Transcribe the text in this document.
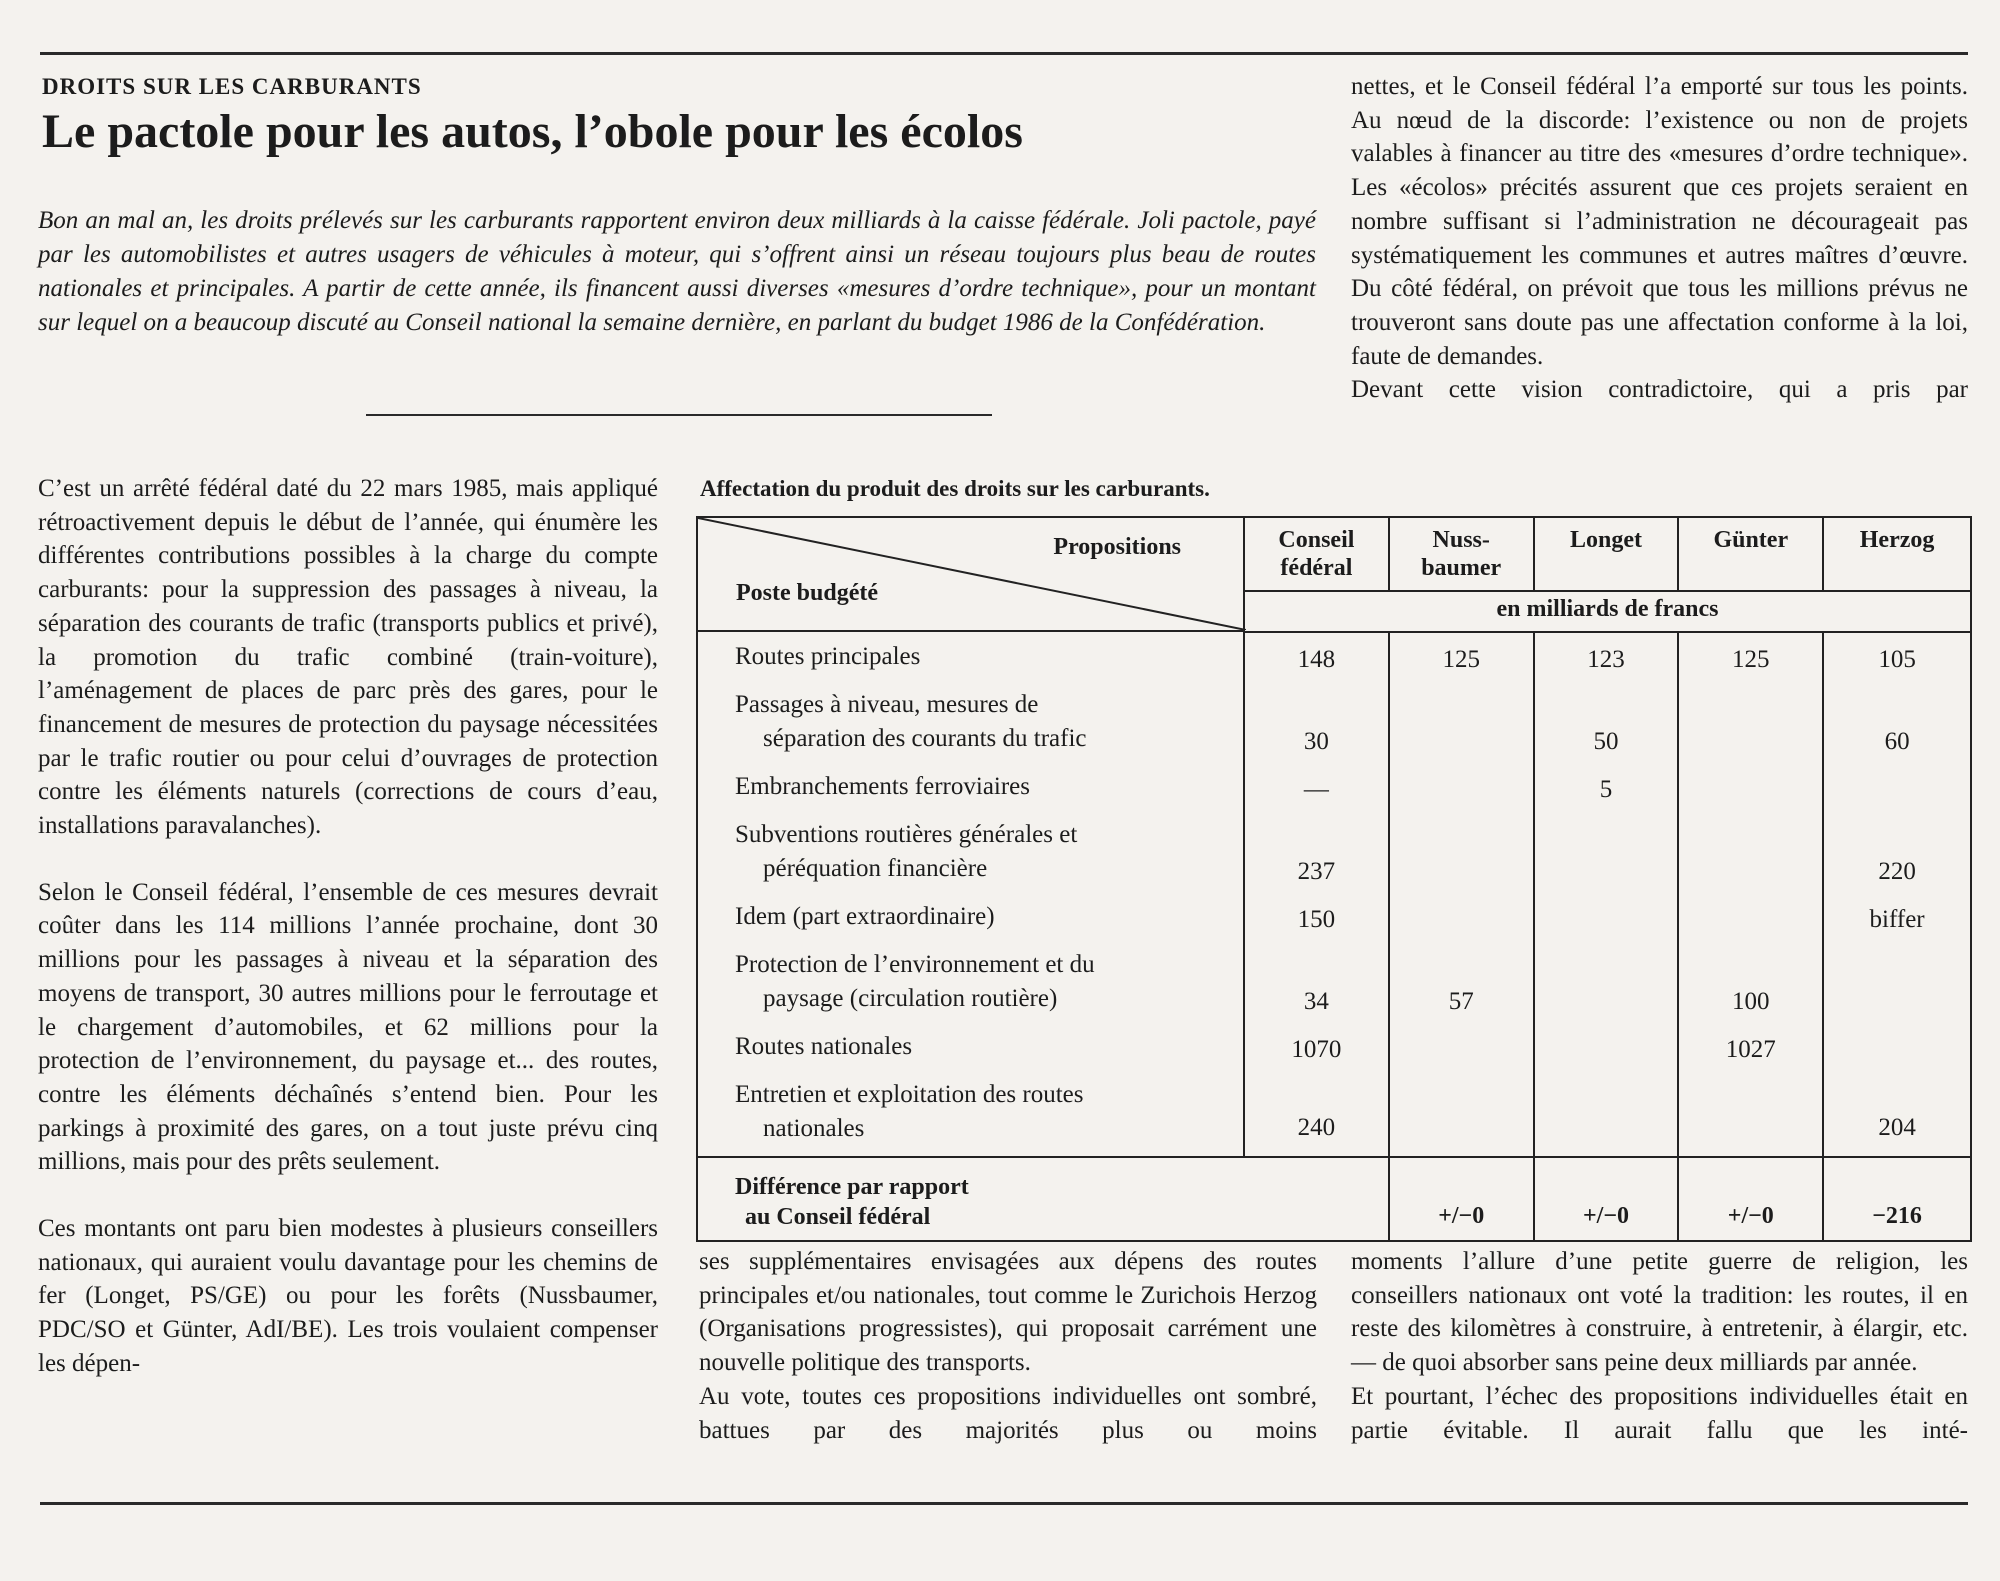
DROITS SUR LES CARBURANTS
Le pactole pour les autos, l’obole pour les écolos
Bon an mal an, les droits prélevés sur les carburants rapportent environ deux milliards à la caisse fédérale. Joli pactole, payé par les automobilistes et autres usagers de véhicules à moteur, qui s’offrent ainsi un réseau toujours plus beau de routes nationales et principales. A partir de cette année, ils financent aussi diverses «mesures d’ordre technique», pour un montant sur lequel on a beaucoup discuté au Conseil national la semaine dernière, en parlant du budget 1986 de la Confédération.

nettes, et le Conseil fédéral l’a emporté sur tous les points. Au nœud de la discorde: l’existence ou non de projets valables à financer au titre des «mesures d’ordre technique». Les «écolos» précités assurent que ces projets seraient en nombre suffisant si l’administration ne décourageait pas systématiquement les communes et autres maîtres d’œuvre. Du côté fédéral, on prévoit que tous les millions prévus ne trouveront sans doute pas une affectation conforme à la loi, faute de demandes.

Devant cette vision contradictoire, qui a pris par

C’est un arrêté fédéral daté du 22 mars 1985, mais appliqué rétroactivement depuis le début de l’année, qui énumère les différentes contributions possibles à la charge du compte carburants: pour la suppression des passages à niveau, la séparation des courants de trafic (transports publics et privé), la promotion du trafic combiné (train-voiture), l’aménagement de places de parc près des gares, pour le financement de mesures de protection du paysage nécessitées par le trafic routier ou pour celui d’ouvrages de protection contre les éléments naturels (corrections de cours d’eau, installations paravalanches).

Selon le Conseil fédéral, l’ensemble de ces mesures devrait coûter dans les 114 millions l’année prochaine, dont 30 millions pour les passages à niveau et la séparation des moyens de transport, 30 autres millions pour le ferroutage et le chargement d’automobiles, et 62 millions pour la protection de l’environnement, du paysage et... des routes, contre les éléments déchaînés s’entend bien. Pour les parkings à proximité des gares, on a tout juste prévu cinq millions, mais pour des prêts seulement.

Ces montants ont paru bien modestes à plusieurs conseillers nationaux, qui auraient voulu davantage pour les chemins de fer (Longet, PS/GE) ou pour les forêts (Nussbaumer, PDC/SO et Günter, AdI/BE). Les trois voulaient compenser les dépen-

Affectation du produit des droits sur les carburants.
Propositions
Poste budgété	Conseil
fédéral	Nuss-
baumer	Longet	Günter	Herzog

	en milliards de francs				

Routes principales	148	125	123	125	105

Passages à niveau, mesures de
séparation des courants du trafic	30		50		60

Embranchements ferroviaires	—		5		

Subventions routières générales et
péréquation financière	237				220

Idem (part extraordinaire)	150				biffer

Protection de l’environnement et du
paysage (circulation routière)	34	57		100	

Routes nationales	1070			1027	

Entretien et exploitation des routes
nationales	240				204

Différence par rapport
au Conseil fédéral		+/−0	+/−0	+/−0	−216

ses supplémentaires envisagées aux dépens des routes principales et/ou nationales, tout comme le Zurichois Herzog (Organisations progressistes), qui proposait carrément une nouvelle politique des transports.

Au vote, toutes ces propositions individuelles ont sombré, battues par des majorités plus ou moins

moments l’allure d’une petite guerre de religion, les conseillers nationaux ont voté la tradition: les routes, il en reste des kilomètres à construire, à entretenir, à élargir, etc. — de quoi absorber sans peine deux milliards par année.

Et pourtant, l’échec des propositions individuelles était en partie évitable. Il aurait fallu que les inté-
